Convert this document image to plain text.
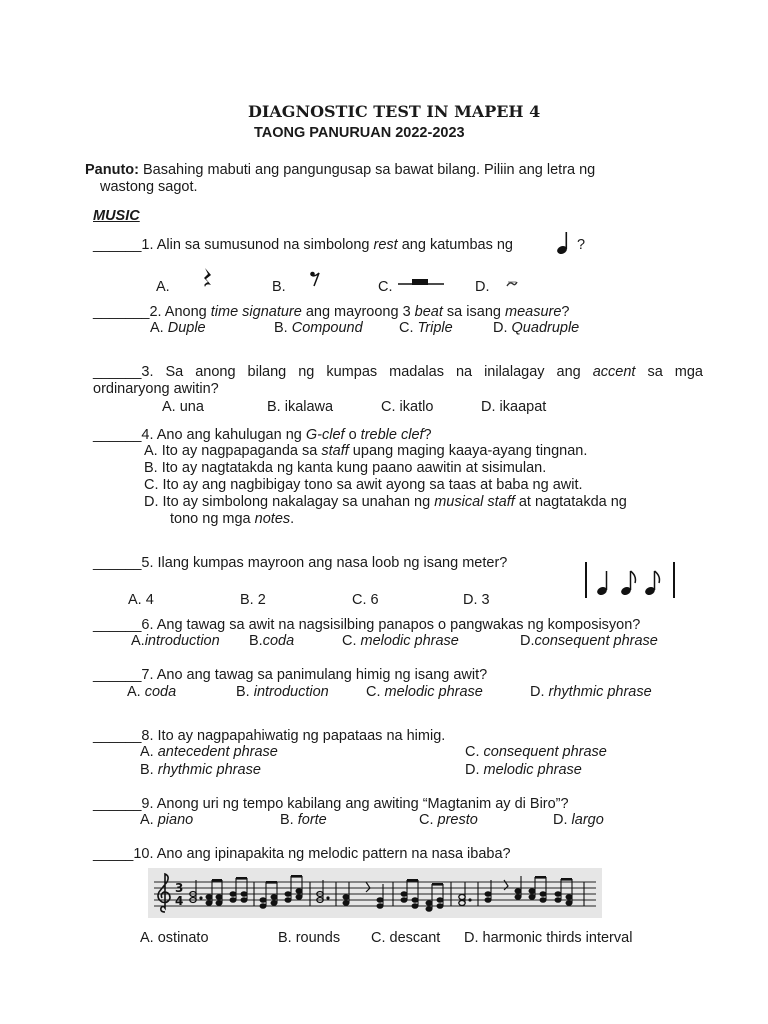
DIAGNOSTIC TEST IN MAPEH 4
TAONG PANURUAN 2022-2023
Panuto: Basahing mabuti ang pangungusap sa bawat bilang. Piliin ang letra ng
wastong sagot.
MUSIC
______1. Alin sa sumusunod na simbolong rest ang katumbas ng	?
A.	B.	C.	D.
_______2. Anong time signature ang mayroong 3 beat sa isang measure?
A. Duple	B. Compound	C. Triple	D. Quadruple
______3. Sa anong bilang ng kumpas madalas na inilalagay ang accent sa mga
ordinaryong awitin?
A. una	B. ikalawa	C. ikatlo	D. ikaapat
______4. Ano ang kahulugan ng G-clef o treble clef?
A. Ito ay nagpapaganda sa staff upang maging kaaya-ayang tingnan.
B. Ito ay nagtatakda ng kanta kung paano aawitin at sisimulan.
C. Ito ay ang nagbibigay tono sa awit ayong sa taas at baba ng awit.
D. Ito ay simbolong nakalagay sa unahan ng musical staff at nagtatakda ng
tono ng mga notes.
______5. Ilang kumpas mayroon ang nasa loob ng isang meter?
A. 4	B. 2	C. 6	D. 3
______6. Ang tawag sa awit na nagsisilbing panapos o pangwakas ng komposisyon?
A.introduction B.coda	C. melodic phrase	D.consequent phrase
______7. Ano ang tawag sa panimulang himig ng isang awit?
A. coda	B. introduction	C. melodic phrase	D. rhythmic phrase
______8. Ito ay nagpapahiwatig ng papataas na himig.
A. antecedent phrase	C. consequent phrase
B. rhythmic phrase	D. melodic phrase
______9. Anong uri ng tempo kabilang ang awiting “Magtanim ay di Biro”?
A. piano	B. forte	C. presto	D. largo
_____10. Ano ang ipinapakita ng melodic pattern na nasa ibaba?
3
4
A. ostinato	B. rounds C. descant D. harmonic thirds interval
